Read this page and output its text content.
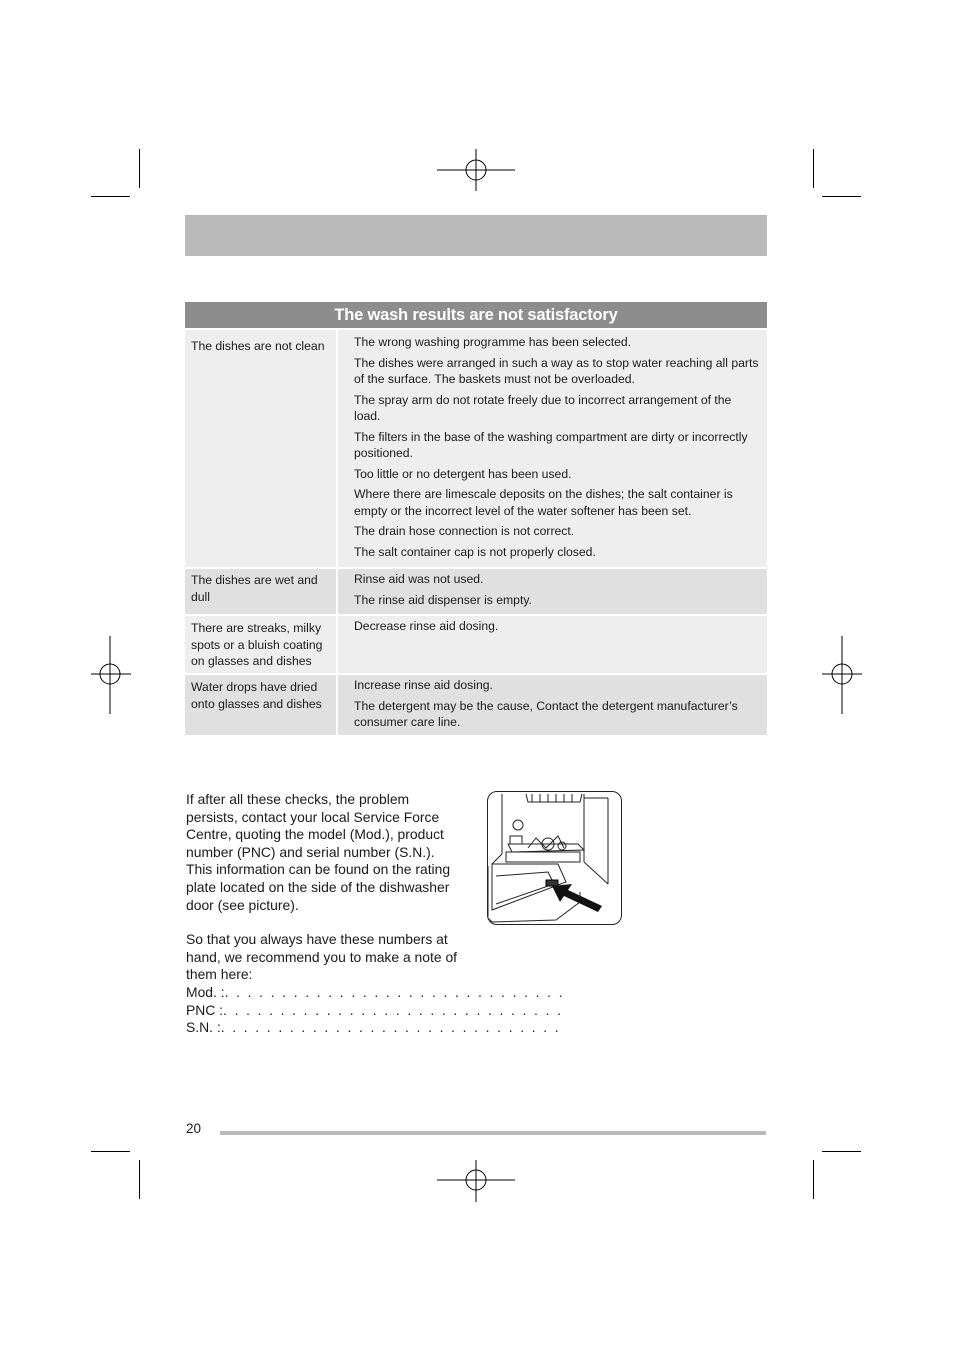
The wash results are not satisfactory
The dishes are not clean	The wrong washing programme has been selected.

The dishes were arranged in such a way as to stop water reaching all parts of the surface. The baskets must not be overloaded.

The spray arm do not rotate freely due to incorrect arrangement of the load.

The filters in the base of the washing compartment are dirty or incorrectly positioned.

Too little or no detergent has been used.

Where there are limescale deposits on the dishes; the salt container is empty or the incorrect level of the water softener has been set.

The drain hose connection is not correct.

The salt container cap is not properly closed.

The dishes are wet and dull

Rinse aid was not used.

The rinse aid dispenser is empty.

There are streaks, milky spots or a bluish coating on glasses and dishes

Decrease rinse aid dosing.

Water drops have dried onto glasses and dishes

Increase rinse aid dosing.

The detergent may be the cause, Contact the detergent manufacturer’s consumer care line.

If after all these checks, the problem persists, contact your local Service Force Centre, quoting the model (Mod.), product number (PNC) and serial number (S.N.).

This information can be found on the rating plate located on the side of the dishwasher door (see picture).

So that you always have these numbers at hand, we recommend you to make a note of them here:

Mod. : . . . . . . . . . . . . . . . . . . . . . . . . . . . . . .
PNC : . . . . . . . . . . . . . . . . . . . . . . . . . . . . . .
S.N. : . . . . . . . . . . . . . . . . . . . . . . . . . . . . . .
20
